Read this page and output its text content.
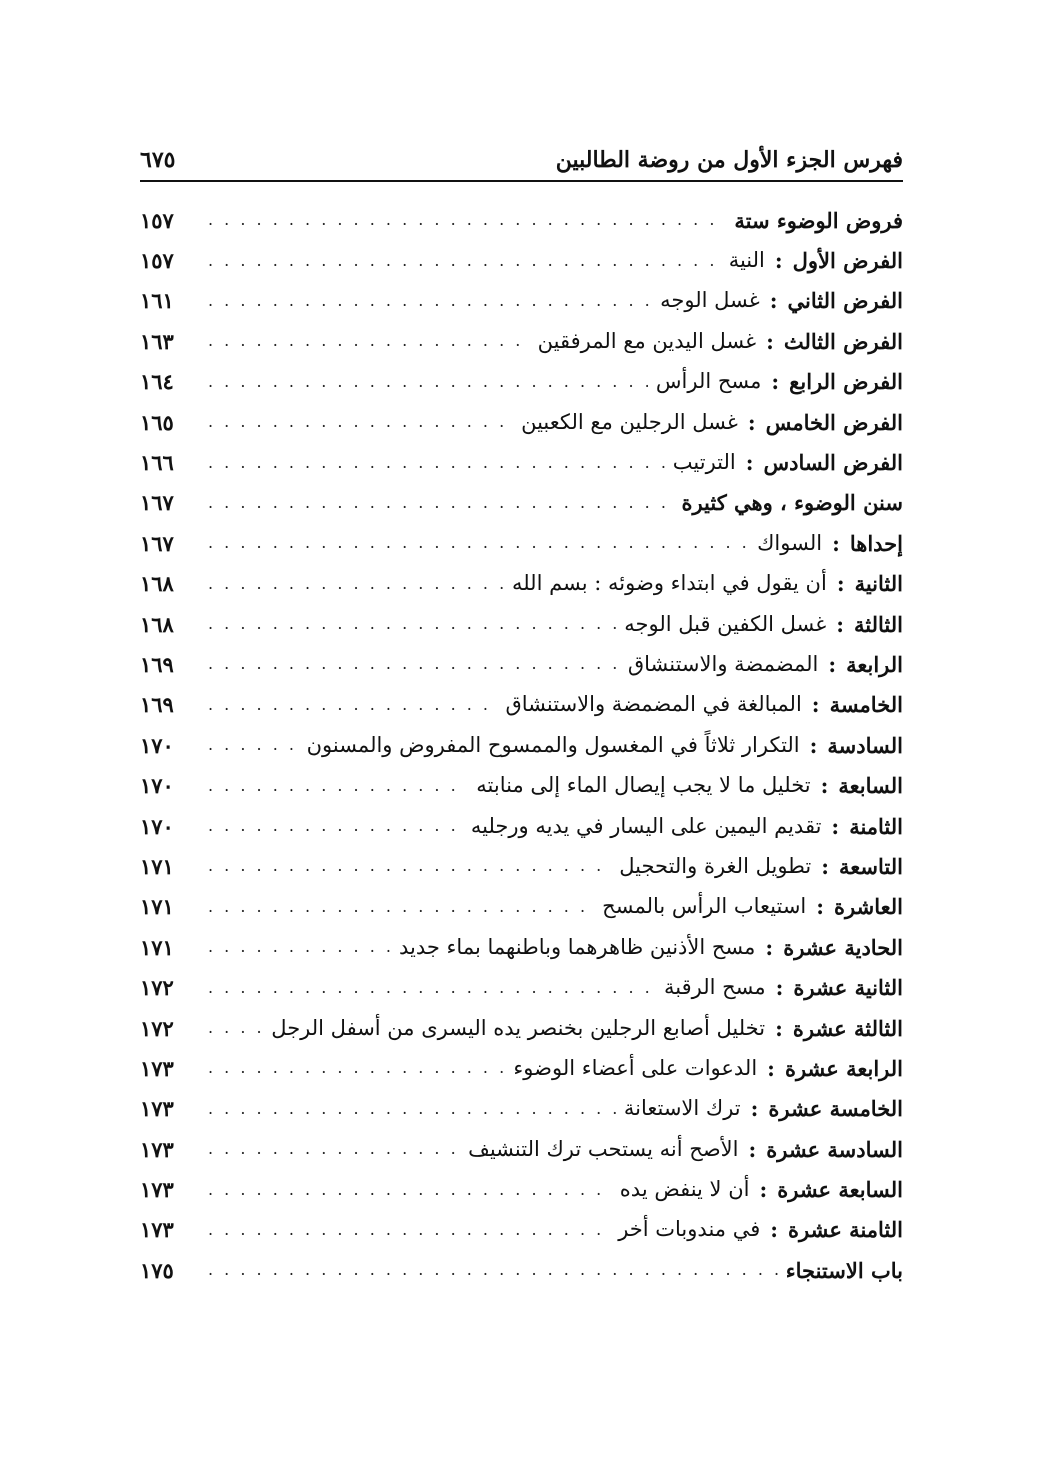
فهرس الجزء الأول من روضة الطالبين
٦٧٥
فروض الوضوء ستة
. . .
١٥٧
الفرض الأول
:
النية
. . .
١٥٧
الفرض الثاني
:
غسل الوجه
. . .
١٦١
الفرض الثالث
:
غسل اليدين مع المرفقين
. . .
١٦٣
الفرض الرابع
:
مسح الرأس
. . .
١٦٤
الفرض الخامس
:
غسل الرجلين مع الكعبين
. . .
١٦٥
الفرض السادس
:
الترتيب
. . .
١٦٦
سنن الوضوء ، وهي كثيرة
. . .
١٦٧
إحداها
:
السواك
. . .
١٦٧
الثانية
:
أن يقول في ابتداء وضوئه : بسم الله
. . .
١٦٨
الثالثة
:
غسل الكفين قبل الوجه
. . .
١٦٨
الرابعة
:
المضمضة والاستنشاق
. . .
١٦٩
الخامسة
:
المبالغة في المضمضة والاستنشاق
. . .
١٦٩
السادسة
:
التكرار ثلاثاً في المغسول والممسوح المفروض والمسنون
. . .
١٧٠
السابعة
:
تخليل ما لا يجب إيصال الماء إلى منابته
. . .
١٧٠
الثامنة
:
تقديم اليمين على اليسار في يديه ورجليه
. . .
١٧٠
التاسعة
:
تطويل الغرة والتحجيل
. . .
١٧١
العاشرة
:
استيعاب الرأس بالمسح
. . .
١٧١
الحادية عشرة
:
مسح الأذنين ظاهرهما وباطنهما بماء جديد
. . .
١٧١
الثانية عشرة
:
مسح الرقبة
. . .
١٧٢
الثالثة عشرة
:
تخليل أصابع الرجلين بخنصر يده اليسرى من أسفل الرجل
. . .
١٧٢
الرابعة عشرة
:
الدعوات على أعضاء الوضوء
. . .
١٧٣
الخامسة عشرة
:
ترك الاستعانة
. . .
١٧٣
السادسة عشرة
:
الأصح أنه يستحب ترك التنشيف
. . .
١٧٣
السابعة عشرة
:
أن لا ينفض يده
. . .
١٧٣
الثامنة عشرة
:
في مندوبات أخر
. . .
١٧٣
باب الاستنجاء
. . .
١٧٥
